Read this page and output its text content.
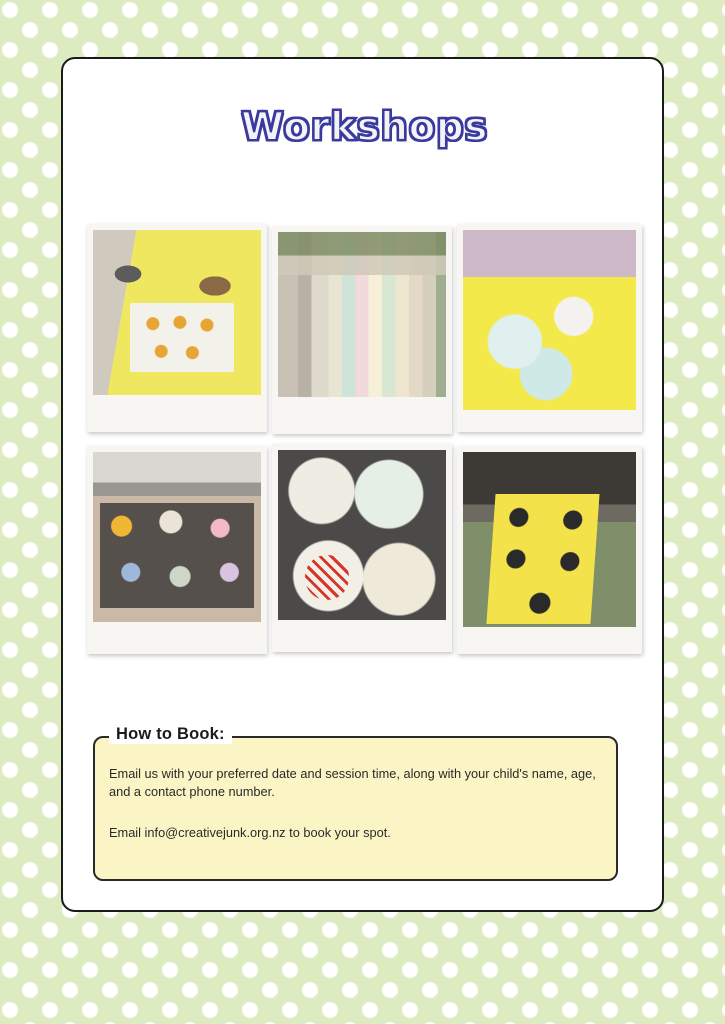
Workshops
How to Book:
Email us with your preferred date and session time, along with your child's name, age, and a contact phone number.
Email info@creativejunk.org.nz to book your spot.
